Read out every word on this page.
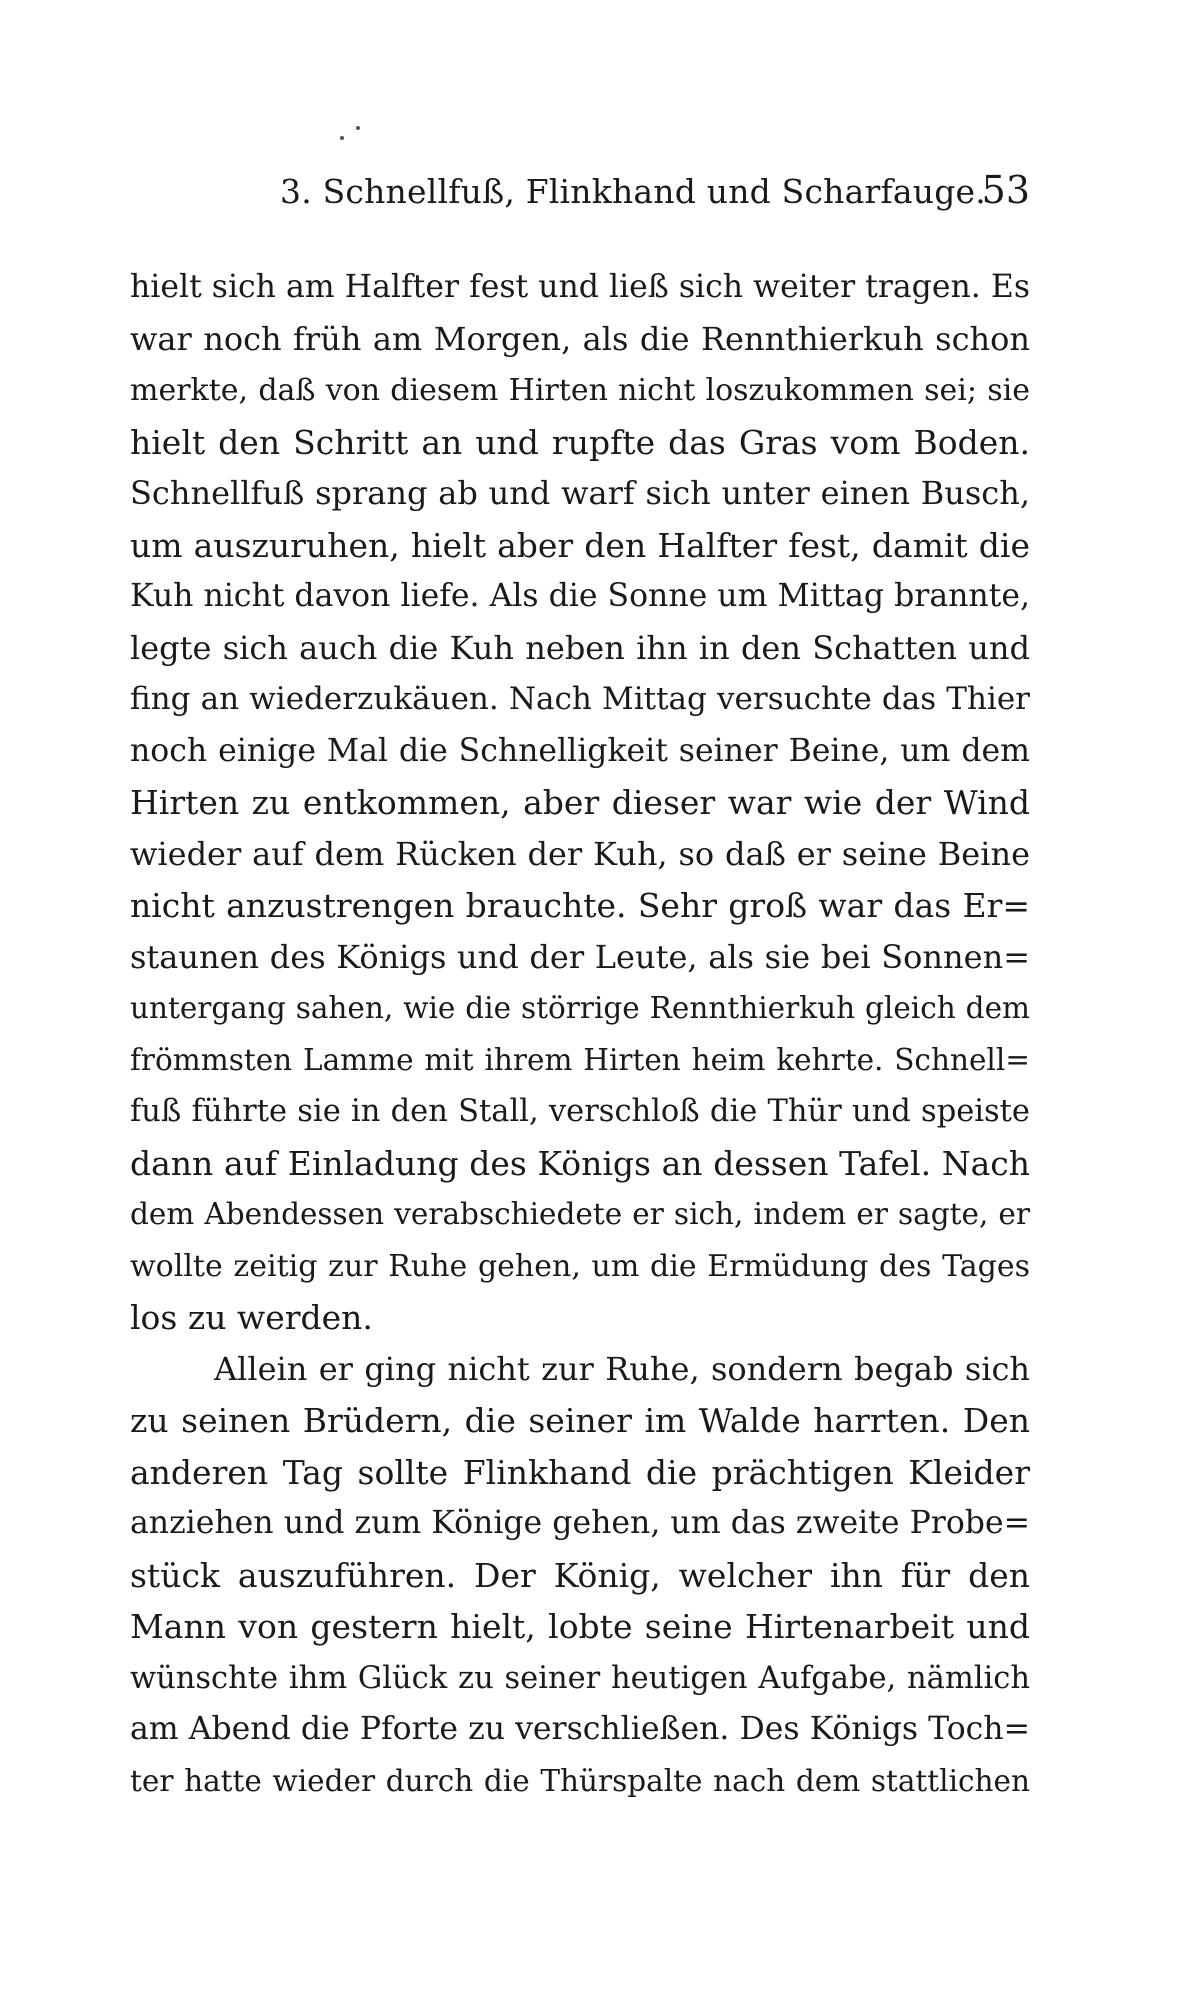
3. Schnellfuß, Flinkhand und Scharfauge.
53
hielt sich am Halfter fest und ließ sich weiter tragen. Es
war noch früh am Morgen, als die Rennthierkuh schon
merkte, daß von diesem Hirten nicht loszukommen sei; sie
hielt den Schritt an und rupfte das Gras vom Boden.
Schnellfuß sprang ab und warf sich unter einen Busch,
um auszuruhen, hielt aber den Halfter fest, damit die
Kuh nicht davon liefe. Als die Sonne um Mittag brannte,
legte sich auch die Kuh neben ihn in den Schatten und
fing an wiederzukäuen. Nach Mittag versuchte das Thier
noch einige Mal die Schnelligkeit seiner Beine, um dem
Hirten zu entkommen, aber dieser war wie der Wind
wieder auf dem Rücken der Kuh, so daß er seine Beine
nicht anzustrengen brauchte. Sehr groß war das Er=
staunen des Königs und der Leute, als sie bei Sonnen=
untergang sahen, wie die störrige Rennthierkuh gleich dem
frömmsten Lamme mit ihrem Hirten heim kehrte. Schnell=
fuß führte sie in den Stall, verschloß die Thür und speiste
dann auf Einladung des Königs an dessen Tafel. Nach
dem Abendessen verabschiedete er sich, indem er sagte, er
wollte zeitig zur Ruhe gehen, um die Ermüdung des Tages
los zu werden.
Allein er ging nicht zur Ruhe, sondern begab sich
zu seinen Brüdern, die seiner im Walde harrten. Den
anderen Tag sollte Flinkhand die prächtigen Kleider
anziehen und zum Könige gehen, um das zweite Probe=
stück auszuführen. Der König, welcher ihn für den
Mann von gestern hielt, lobte seine Hirtenarbeit und
wünschte ihm Glück zu seiner heutigen Aufgabe, nämlich
am Abend die Pforte zu verschließen. Des Königs Toch=
ter hatte wieder durch die Thürspalte nach dem stattlichen
